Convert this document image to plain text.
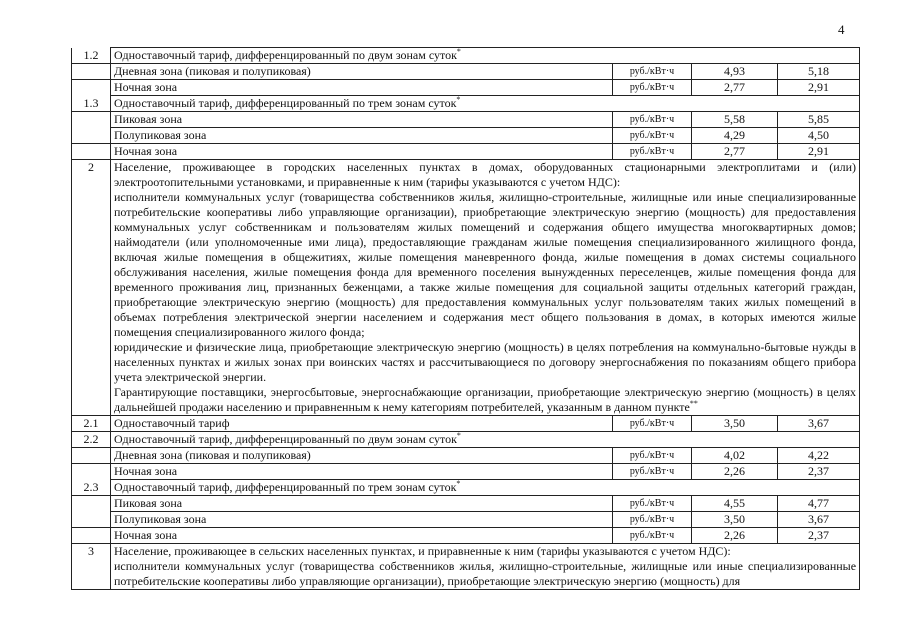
4
1.2	Одноставочный тариф, дифференцированный по двум зонам суток*
	Дневная зона (пиковая и полупиковая)	руб./кВт·ч	4,93	5,18
	Ночная зона	руб./кВт·ч	2,77	2,91
1.3	Одноставочный тариф, дифференцированный по трем зонам суток*
	Пиковая зона	руб./кВт·ч	5,58	5,85
	Полупиковая зона	руб./кВт·ч	4,29	4,50
	Ночная зона	руб./кВт·ч	2,77	2,91
2	Население, проживающее в городских населенных пунктах в домах, оборудованных стационарными электроплитами и (или) электроотопительными установками, и приравненные к ним (тарифы указываются с учетом НДС):

исполнители коммунальных услуг (товарищества собственников жилья, жилищно-строительные, жилищные или иные специализированные потребительские кооперативы либо управляющие организации), приобретающие электрическую энергию (мощность) для предоставления коммунальных услуг собственникам и пользователям жилых помещений и содержания общего имущества многоквартирных домов; наймодатели (или уполномоченные ими лица), предоставляющие гражданам жилые помещения специализированного жилищного фонда, включая жилые помещения в общежитиях, жилые помещения маневренного фонда, жилые помещения в домах системы социального обслуживания населения, жилые помещения фонда для временного поселения вынужденных переселенцев, жилые помещения фонда для временного проживания лиц, признанных беженцами, а также жилые помещения для социальной защиты отдельных категорий граждан, приобретающие электрическую энергию (мощность) для предоставления коммунальных услуг пользователям таких жилых помещений в объемах потребления электрической энергии населением и содержания мест общего пользования в домах, в которых имеются жилые помещения специализированного жилого фонда;

юридические и физические лица, приобретающие электрическую энергию (мощность) в целях потребления на коммунально-бытовые нужды в населенных пунктах и жилых зонах при воинских частях и рассчитывающиеся по договору энергоснабжения по показаниям общего прибора учета электрической энергии.

Гарантирующие поставщики, энергосбытовые, энергоснабжающие организации, приобретающие электрическую энергию (мощность) в целях дальнейшей продажи населению и приравненным к нему категориям потребителей, указанным в данном пункте**

2.1	Одноставочный тариф	руб./кВт·ч	3,50	3,67
2.2	Одноставочный тариф, дифференцированный по двум зонам суток*
	Дневная зона (пиковая и полупиковая)	руб./кВт·ч	4,02	4,22
	Ночная зона	руб./кВт·ч	2,26	2,37
2.3	Одноставочный тариф, дифференцированный по трем зонам суток*
	Пиковая зона	руб./кВт·ч	4,55	4,77
	Полупиковая зона	руб./кВт·ч	3,50	3,67
	Ночная зона	руб./кВт·ч	2,26	2,37
3	Население, проживающее в сельских населенных пунктах, и приравненные к ним (тарифы указываются с учетом НДС):

исполнители коммунальных услуг (товарищества собственников жилья, жилищно-строительные, жилищные или иные специализированные потребительские кооперативы либо управляющие организации), приобретающие электрическую энергию (мощность) для			
